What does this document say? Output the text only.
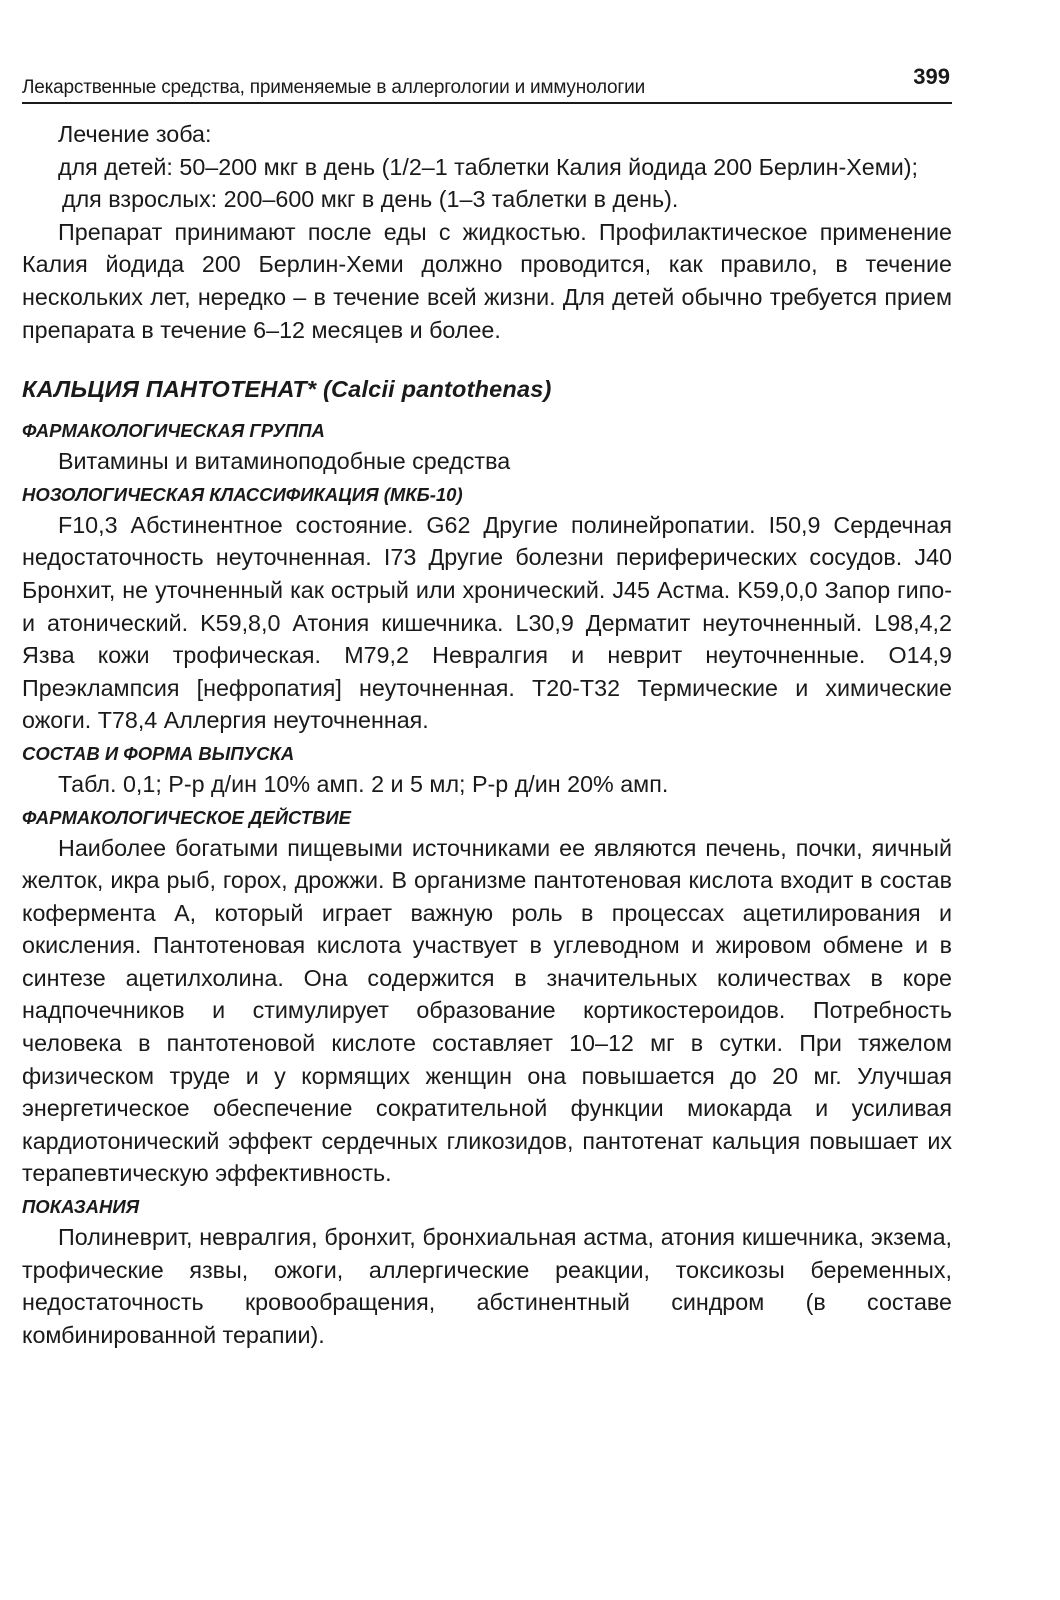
Лекарственные средства, применяемые в аллергологии и иммунологии	399

Лечение зоба:

для детей: 50–200 мкг в день (1/2–1 таблетки Калия йодида 200 Берлин-Хеми);

для взрослых: 200–600 мкг в день (1–3 таблетки в день).

Препарат принимают после еды с жидкостью. Профилактическое применение Калия йодида 200 Берлин-Хеми должно проводится, как правило, в течение нескольких лет, нередко – в течение всей жизни. Для детей обычно требуется прием препарата в течение 6–12 месяцев и более.

КАЛЬЦИЯ ПАНТОТЕНАТ* (Calcii pantothenas)
ФАРМАКОЛОГИЧЕСКАЯ ГРУППА

Витамины и витаминоподобные средства

НОЗОЛОГИЧЕСКАЯ КЛАССИФИКАЦИЯ (МКБ-10)

F10,3 Абстинентное состояние. G62 Другие полинейропатии. I50,9 Сердечная недостаточность неуточненная. I73 Другие болезни периферических сосудов. J40 Бронхит, не уточненный как острый или хронический. J45 Астма. K59,0,0 Запор гипо- и атонический. K59,8,0 Атония кишечника. L30,9 Дерматит неуточненный. L98,4,2 Язва кожи трофическая. M79,2 Невралгия и неврит неуточненные. O14,9 Преэклампсия [нефропатия] неуточненная. T20-T32 Термические и химические ожоги. T78,4 Аллергия неуточненная.

СОСТАВ И ФОРМА ВЫПУСКА

Табл. 0,1; Р-р д/ин 10% амп. 2 и 5 мл; Р-р д/ин 20% амп.

ФАРМАКОЛОГИЧЕСКОЕ ДЕЙСТВИЕ

Наиболее богатыми пищевыми источниками ее являются печень, почки, яичный желток, икра рыб, горох, дрожжи. В организме пантотеновая кислота входит в состав кофермента А, который играет важную роль в процессах ацетилирования и окисления. Пантотеновая кислота участвует в углеводном и жировом обмене и в синтезе ацетилхолина. Она содержится в значительных количествах в коре надпочечников и стимулирует образование кортикостероидов. Потребность человека в пантотеновой кислоте составляет 10–12 мг в сутки. При тяжелом физическом труде и у кормящих женщин она повышается до 20 мг. Улучшая энергетическое обеспечение сократительной функции миокарда и усиливая кардиотонический эффект сердечных гликозидов, пантотенат кальция повышает их терапевтическую эффективность.

ПОКАЗАНИЯ

Полиневрит, невралгия, бронхит, бронхиальная астма, атония кишечника, экзема, трофические язвы, ожоги, аллергические реакции, токсикозы беременных, недостаточность кровообращения, абстинентный синдром (в составе комбинированной терапии).
